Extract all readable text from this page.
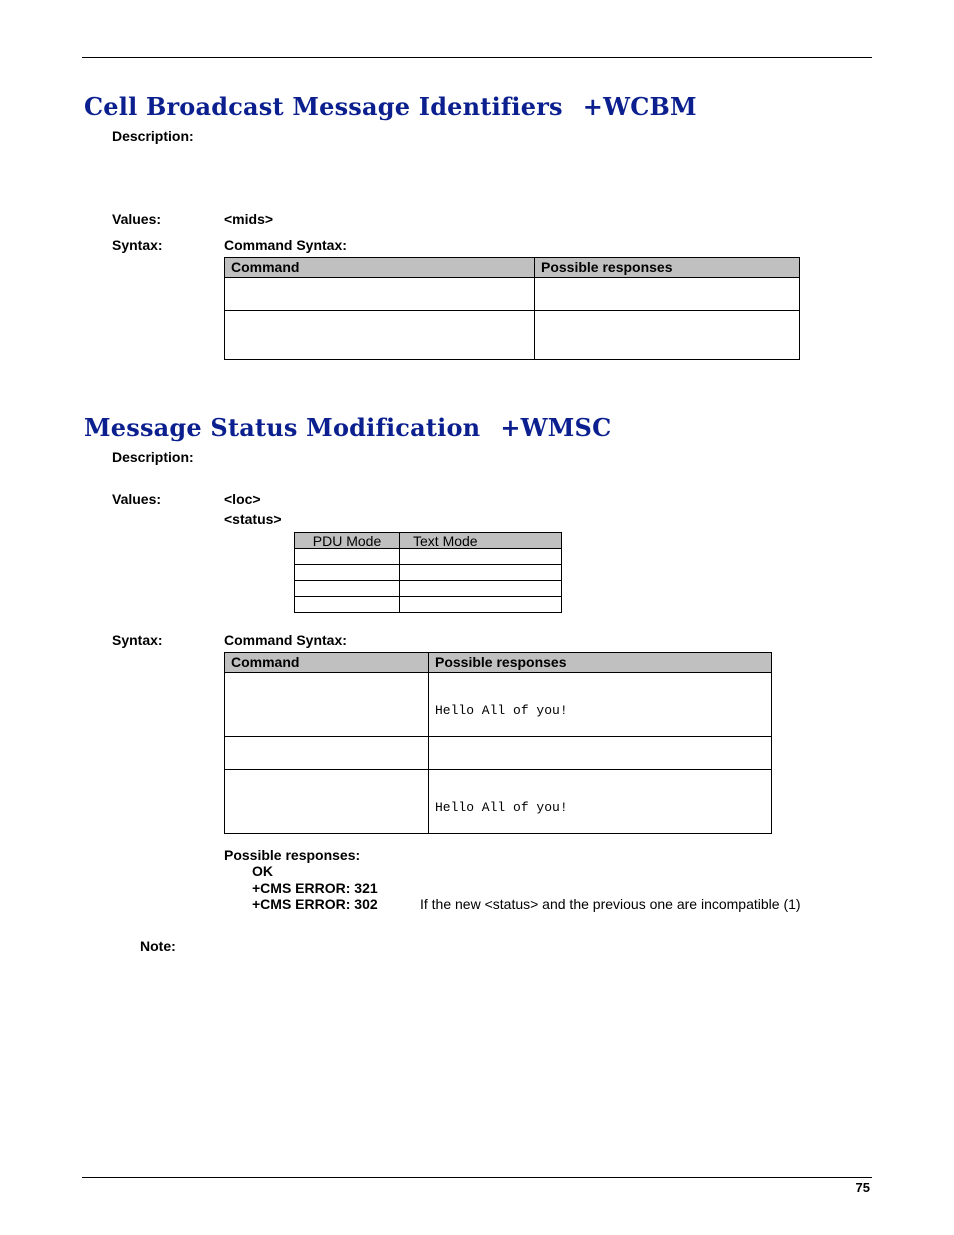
Cell Broadcast Message Identifiers +WCBM
Description:
Values:	<mids>
Syntax:	Command Syntax:
Command	Possible responses

Message Status Modification +WMSC
Description:
Values:	<loc>
<status>
PDU Mode	Text Mode

Syntax:	Command Syntax:
Command	Possible responses

	Hello All of you!

	Hello All of you!
Possible responses:
OK
+CMS ERROR: 321
+CMS ERROR: 302	If the new <status> and the previous one are incompatible (1)
Note:
75
